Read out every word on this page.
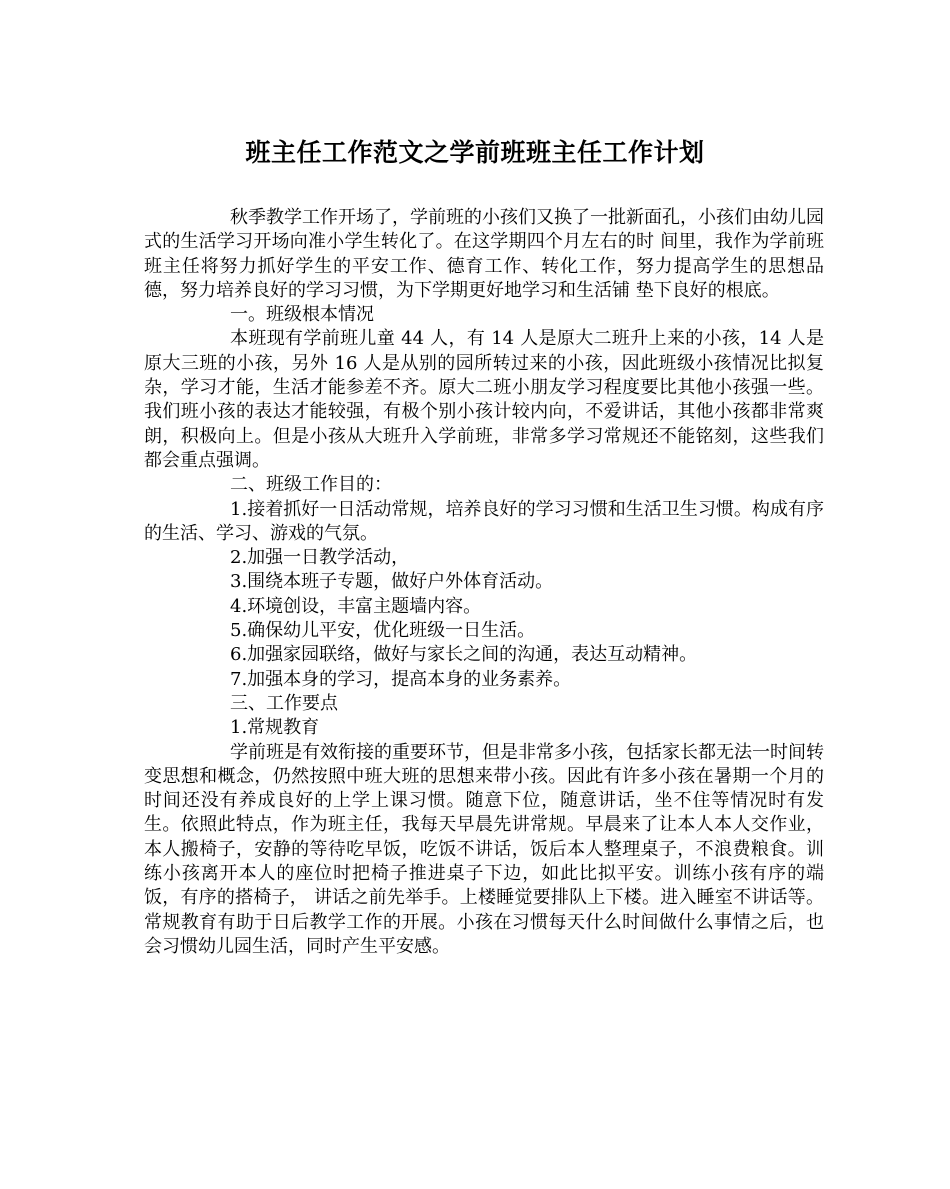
班主任工作范文之学前班班主任工作计划

秋季教学工作开场了，学前班的小孩们又换了一批新面孔，小孩们由幼儿园式的生活学习开场向准小学生转化了。在这学期四个月左右的时 间里，我作为学前班班主任将努力抓好学生的平安工作、德育工作、转化工作，努力提高学生的思想品德，努力培养良好的学习习惯，为下学期更好地学习和生活铺 垫下良好的根底。

一。班级根本情况

本班现有学前班儿童 44 人，有 14 人是原大二班升上来的小孩，14 人是原大三班的小孩，另外 16 人是从别的园所转过来的小孩，因此班级小孩情况比拟复杂，学习才能，生活才能参差不齐。原大二班小朋友学习程度要比其他小孩强一些。我们班小孩的表达才能较强，有极个别小孩计较内向，不爱讲话，其他小孩都非常爽朗，积极向上。但是小孩从大班升入学前班，非常多学习常规还不能铭刻，这些我们都会重点强调。

二、班级工作目的：

1.接着抓好一日活动常规，培养良好的学习习惯和生活卫生习惯。构成有序的生活、学习、游戏的气氛。

2.加强一日教学活动，

3.围绕本班子专题，做好户外体育活动。

4.环境创设，丰富主题墙内容。

5.确保幼儿平安，优化班级一日生活。

6.加强家园联络，做好与家长之间的沟通，表达互动精神。

7.加强本身的学习，提高本身的业务素养。

三、工作要点

1.常规教育

学前班是有效衔接的重要环节，但是非常多小孩，包括家长都无法一时间转变思想和概念，仍然按照中班大班的思想来带小孩。因此有许多小孩在暑期一个月的时间还没有养成良好的上学上课习惯。随意下位，随意讲话，坐不住等情况时有发生。依照此特点，作为班主任，我每天早晨先讲常规。早晨来了让本人本人交作业，本人搬椅子，安静的等待吃早饭，吃饭不讲话，饭后本人整理桌子，不浪费粮食。训练小孩离开本人的座位时把椅子推进桌子下边，如此比拟平安。训练小孩有序的端饭，有序的搭椅子， 讲话之前先举手。上楼睡觉要排队上下楼。进入睡室不讲话等。常规教育有助于日后教学工作的开展。小孩在习惯每天什么时间做什么事情之后，也会习惯幼儿园生活，同时产生平安感。
